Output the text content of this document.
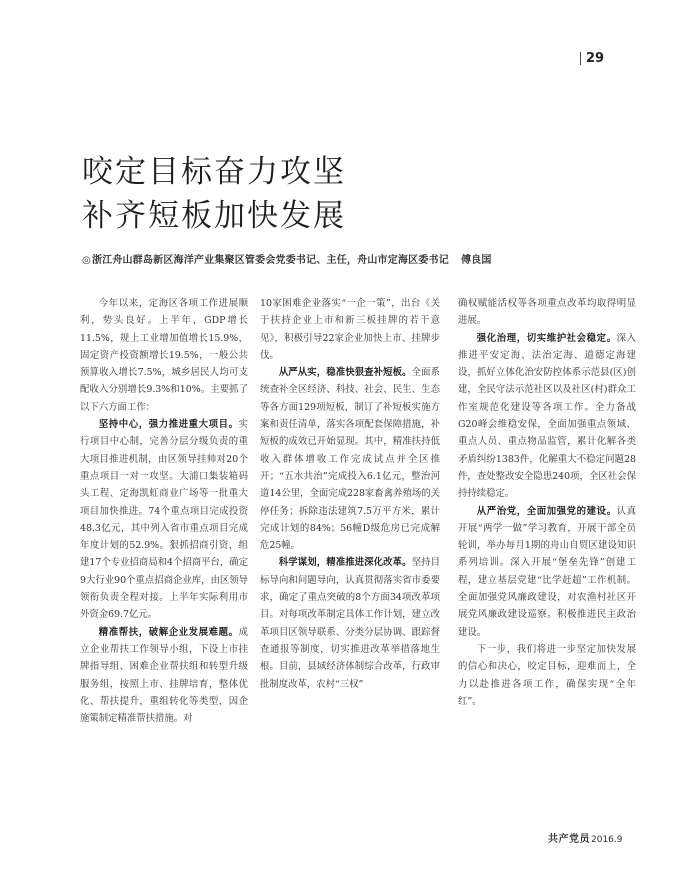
29
咬定目标奋力攻坚
补齐短板加快发展
◎浙江舟山群岛新区海洋产业集聚区管委会党委书记、主任，舟山市定海区委书记 傅良国

今年以来，定海区各项工作进展顺利，势头良好。上半年，GDP增长11.5%，规上工业增加值增长15.9%，固定资产投资额增长19.5%，一般公共预算收入增长7.5%，城乡居民人均可支配收入分别增长9.3%和10%。主要抓了以下六方面工作：

坚持中心，强力推进重大项目。实行项目中心制，完善分层分级负责的重大项目推进机制，由区领导挂帅对20个重点项目一对一攻坚。大浦口集装箱码头工程、定海凯虹商业广场等一批重大项目加快推进。74个重点项目完成投资48.3亿元，其中列入省市重点项目完成年度计划的52.9%。狠抓招商引资，组建17个专业招商局和4个招商平台，确定9大行业90个重点招商企业库，由区领导领衔负责全程对接。上半年实际利用市外资金69.7亿元。

精准帮扶，破解企业发展难题。成立企业帮扶工作领导小组，下设上市挂牌指导组、困难企业帮扶组和转型升级服务组，按照上市、挂牌培育，整体优化、帮扶提升，重组转化等类型，因企施策制定精准帮扶措施。对

10家困难企业落实“一企一策”，出台《关于扶持企业上市和新三板挂牌的若干意见》，积极引导22家企业加快上市、挂牌步伐。

从严从实，稳准快狠查补短板。全面系统查补全区经济、科技、社会、民生、生态等各方面129项短板，制订了补短板实施方案和责任清单，落实各项配套保障措施，补短板的成效已开始显现。其中，精准扶持低收入群体增收工作完成试点并全区推开；“五水共治”完成投入6.1亿元，整治河道14公里，全面完成228家畜禽养殖场的关停任务；拆除违法建筑7.5万平方米，累计完成计划的84%；56幢D级危房已完成解危25幢。

科学谋划，精准推进深化改革。坚持目标导向和问题导向，认真贯彻落实省市委要求，确定了重点突破的8个方面34项改革项目。对每项改革制定具体工作计划，建立改革项目区领导联系、分类分层协调、跟踪督查通报等制度，切实推进改革举措落地生根。目前，县域经济体制综合改革，行政审批制度改革，农村“三权”

确权赋能活权等各项重点改革均取得明显进展。

强化治理，切实维护社会稳定。深入推进平安定海、法治定海、道德定海建设，抓好立体化治安防控体系示范县(区)创建，全民守法示范社区以及社区(村)群众工作室规范化建设等各项工作。全力备战G20峰会维稳安保，全面加强重点领域、重点人员、重点物品监管，累计化解各类矛盾纠纷1383件，化解重大不稳定问题28件，查处整改安全隐患240项，全区社会保持持续稳定。

从严治党，全面加强党的建设。认真开展“两学一做”学习教育，开展干部全员轮训，举办每月1期的舟山自贸区建设知识系列培训。深入开展“堡垒先锋”创建工程，建立基层党建“比学赶超”工作机制。全面加强党风廉政建设，对农渔村社区开展党风廉政建设巡察。积极推进民主政治建设。

下一步，我们将进一步坚定加快发展的信心和决心，咬定目标，迎难而上，全力以赴推进各项工作，确保实现“全年红”。

共产党员2016.9
